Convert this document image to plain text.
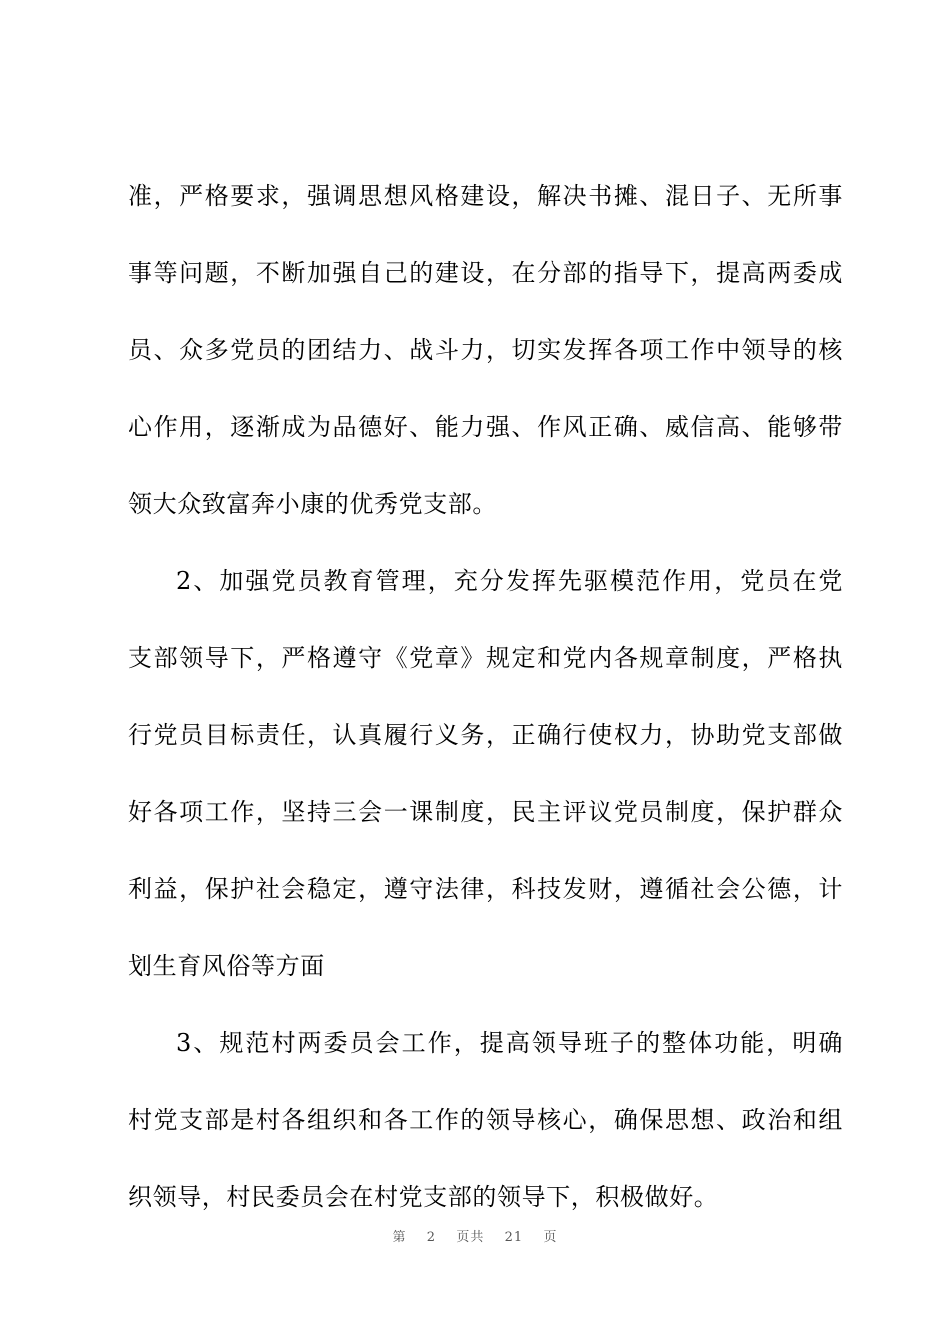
准，严格要求，强调思想风格建设，解决书摊、混日子、无所事
事等问题，不断加强自己的建设，在分部的指导下，提高两委成
员、众多党员的团结力、战斗力，切实发挥各项工作中领导的核
心作用，逐渐成为品德好、能力强、作风正确、威信高、能够带
领大众致富奔小康的优秀党支部。
2、加强党员教育管理，充分发挥先驱模范作用，党员在党
支部领导下，严格遵守《党章》规定和党内各规章制度，严格执
行党员目标责任，认真履行义务，正确行使权力，协助党支部做
好各项工作，坚持三会一课制度，民主评议党员制度，保护群众
利益，保护社会稳定，遵守法律，科技发财，遵循社会公德，计
划生育风俗等方面
3、规范村两委员会工作，提高领导班子的整体功能，明确
村党支部是村各组织和各工作的领导核心，确保思想、政治和组
织领导，村民委员会在村党支部的领导下，积极做好。
第 2 页共 21 页
